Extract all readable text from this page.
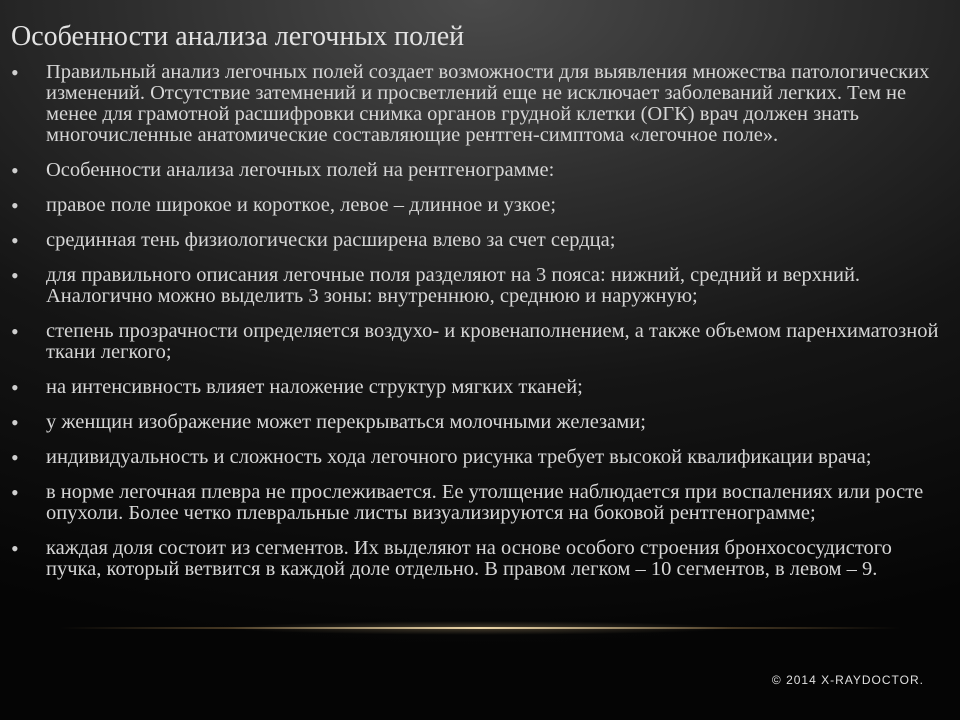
Особенности анализа легочных полей
• Правильный анализ легочных полей создает возможности для выявления множества патологических изменений. Отсутствие затемнений и просветлений еще не исключает заболеваний легких. Тем не менее для грамотной расшифровки снимка органов грудной клетки (ОГК) врач должен знать многочисленные анатомические составляющие рентген-симптома «легочное поле».
• Особенности анализа легочных полей на рентгенограмме:
• правое поле широкое и короткое, левое – длинное и узкое;
• срединная тень физиологически расширена влево за счет сердца;
• для правильного описания легочные поля разделяют на 3 пояса: нижний, средний и верхний. Аналогично можно выделить 3 зоны: внутреннюю, среднюю и наружную;
• степень прозрачности определяется воздухо- и кровенаполнением, а также объемом паренхиматозной ткани легкого;
• на интенсивность влияет наложение структур мягких тканей;
• у женщин изображение может перекрываться молочными железами;
• индивидуальность и сложность хода легочного рисунка требует высокой квалификации врача;
• в норме легочная плевра не прослеживается. Ее утолщение наблюдается при воспалениях или росте опухоли. Более четко плевральные листы визуализируются на боковой рентгенограмме;
• каждая доля состоит из сегментов. Их выделяют на основе особого строения бронхососудистого пучка, который ветвится в каждой доле отдельно. В правом легком – 10 сегментов, в левом – 9.
© 2014 X-RAYDOCTOR.
